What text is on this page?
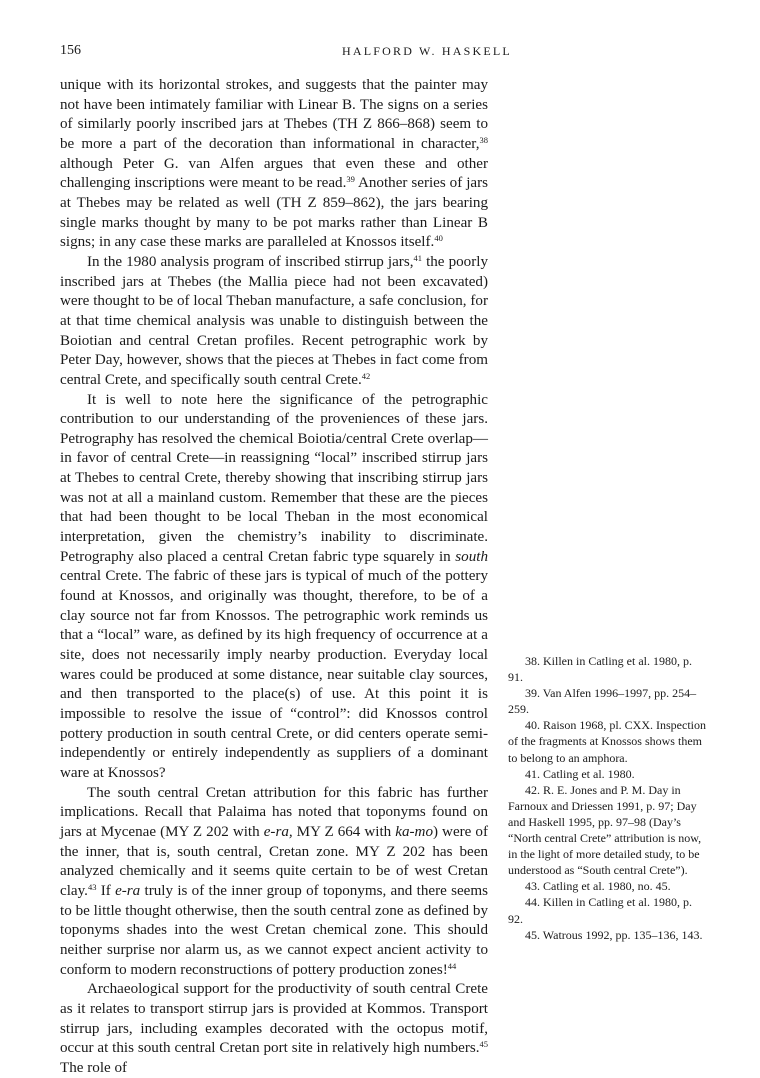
156	HALFORD W. HASKELL

unique with its horizontal strokes, and suggests that the painter may not have been intimately familiar with Linear B. The signs on a series of similarly poorly inscribed jars at Thebes (TH Z 866–868) seem to be more a part of the decoration than informational in character,$^{38}$ although Peter G. van Alfen argues that even these and other challenging inscriptions were meant to be read.$^{39}$ Another series of jars at Thebes may be related as well (TH Z 859–862), the jars bearing single marks thought by many to be pot marks rather than Linear B signs; in any case these marks are paralleled at Knossos itself.$^{40}$

In the 1980 analysis program of inscribed stirrup jars,$^{41}$ the poorly inscribed jars at Thebes (the Mallia piece had not been excavated) were thought to be of local Theban manufacture, a safe conclusion, for at that time chemical analysis was unable to distinguish between the Boiotian and central Cretan profiles. Recent petrographic work by Peter Day, however, shows that the pieces at Thebes in fact come from central Crete, and specifically south central Crete.$^{42}$

It is well to note here the significance of the petrographic contribution to our understanding of the proveniences of these jars. Petrography has resolved the chemical Boiotia/central Crete overlap—in favor of central Crete—in reassigning “local” inscribed stirrup jars at Thebes to central Crete, thereby showing that inscribing stirrup jars was not at all a mainland custom. Remember that these are the pieces that had been thought to be local Theban in the most economical interpretation, given the chemistry’s inability to discriminate. Petrography also placed a central Cretan fabric type squarely in south central Crete. The fabric of these jars is typical of much of the pottery found at Knossos, and originally was thought, therefore, to be of a clay source not far from Knossos. The petrographic work reminds us that a “local” ware, as defined by its high frequency of occurrence at a site, does not necessarily imply nearby production. Everyday local wares could be produced at some distance, near suitable clay sources, and then transported to the place(s) of use. At this point it is impossible to resolve the issue of “control”: did Knossos control pottery production in south central Crete, or did centers operate semi-independently or entirely independently as suppliers of a dominant ware at Knossos?

The south central Cretan attribution for this fabric has further implications. Recall that Palaima has noted that toponyms found on jars at Mycenae (MY Z 202 with e-ra, MY Z 664 with ka-mo) were of the inner, that is, south central, Cretan zone. MY Z 202 has been analyzed chemically and it seems quite certain to be of west Cretan clay.$^{43}$ If e-ra truly is of the inner group of toponyms, and there seems to be little thought otherwise, then the south central zone as defined by toponyms shades into the west Cretan chemical zone. This should neither surprise nor alarm us, as we cannot expect ancient activity to conform to modern reconstructions of pottery production zones!$^{44}$

Archaeological support for the productivity of south central Crete as it relates to transport stirrup jars is provided at Kommos. Transport stirrup jars, including examples decorated with the octopus motif, occur at this south central Cretan port site in relatively high numbers.$^{45}$ The role of

38. Killen in Catling et al. 1980, p. 91.

39. Van Alfen 1996–1997, pp. 254–259.

40. Raison 1968, pl. CXX. Inspection of the fragments at Knossos shows them to belong to an amphora.

41. Catling et al. 1980.

42. R. E. Jones and P. M. Day in Farnoux and Driessen 1991, p. 97; Day and Haskell 1995, pp. 97–98 (Day’s “North central Crete” attribution is now, in the light of more detailed study, to be understood as “South central Crete”).

43. Catling et al. 1980, no. 45.

44. Killen in Catling et al. 1980, p. 92.

45. Watrous 1992, pp. 135–136, 143.
